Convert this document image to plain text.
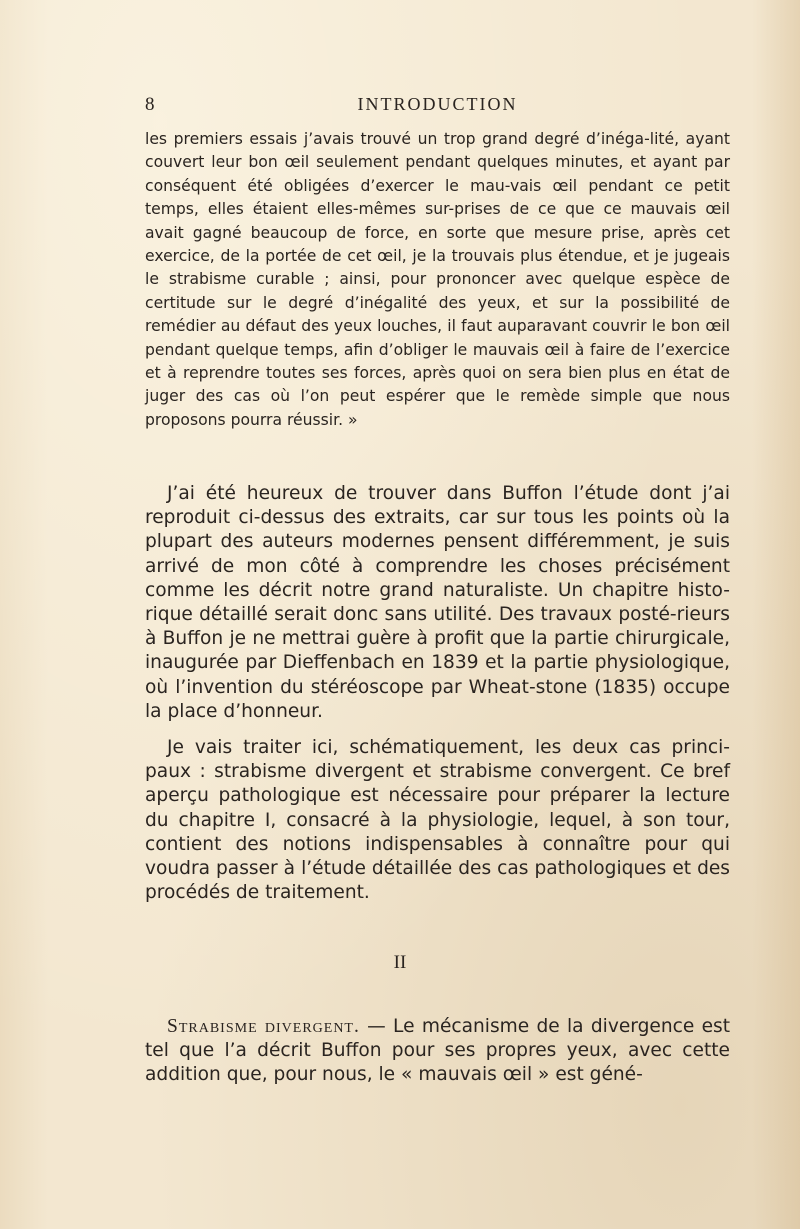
8	INTRODUCTION
les premiers essais j’avais trouvé un trop grand degré d’inéga-lité, ayant couvert leur bon œil seulement pendant quelques minutes, et ayant par conséquent été obligées d’exercer le mau-vais œil pendant ce petit temps, elles étaient elles-mêmes sur-prises de ce que ce mauvais œil avait gagné beaucoup de force, en sorte que mesure prise, après cet exercice, de la portée de cet œil, je la trouvais plus étendue, et je jugeais le strabisme curable ; ainsi, pour prononcer avec quelque espèce de certitude sur le degré d’inégalité des yeux, et sur la possibilité de remédier au défaut des yeux louches, il faut auparavant couvrir le bon œil pendant quelque temps, afin d’obliger le mauvais œil à faire de l’exercice et à reprendre toutes ses forces, après quoi on sera bien plus en état de juger des cas où l’on peut espérer que le remède simple que nous proposons pourra réussir. »
J’ai été heureux de trouver dans Buffon l’étude dont j’ai reproduit ci-dessus des extraits, car sur tous les points où la plupart des auteurs modernes pensent différemment, je suis arrivé de mon côté à comprendre les choses précisément comme les décrit notre grand naturaliste. Un chapitre histo-rique détaillé serait donc sans utilité. Des travaux posté-rieurs à Buffon je ne mettrai guère à profit que la partie chirurgicale, inaugurée par Dieffenbach en 1839 et la partie physiologique, où l’invention du stéréoscope par Wheat-stone (1835) occupe la place d’honneur.
Je vais traiter ici, schématiquement, les deux cas princi-paux : strabisme divergent et strabisme convergent. Ce bref aperçu pathologique est nécessaire pour préparer la lecture du chapitre I, consacré à la physiologie, lequel, à son tour, contient des notions indispensables à connaître pour qui voudra passer à l’étude détaillée des cas pathologiques et des procédés de traitement.
II
Strabisme divergent. — Le mécanisme de la divergence est tel que l’a décrit Buffon pour ses propres yeux, avec cette addition que, pour nous, le « mauvais œil » est géné-
